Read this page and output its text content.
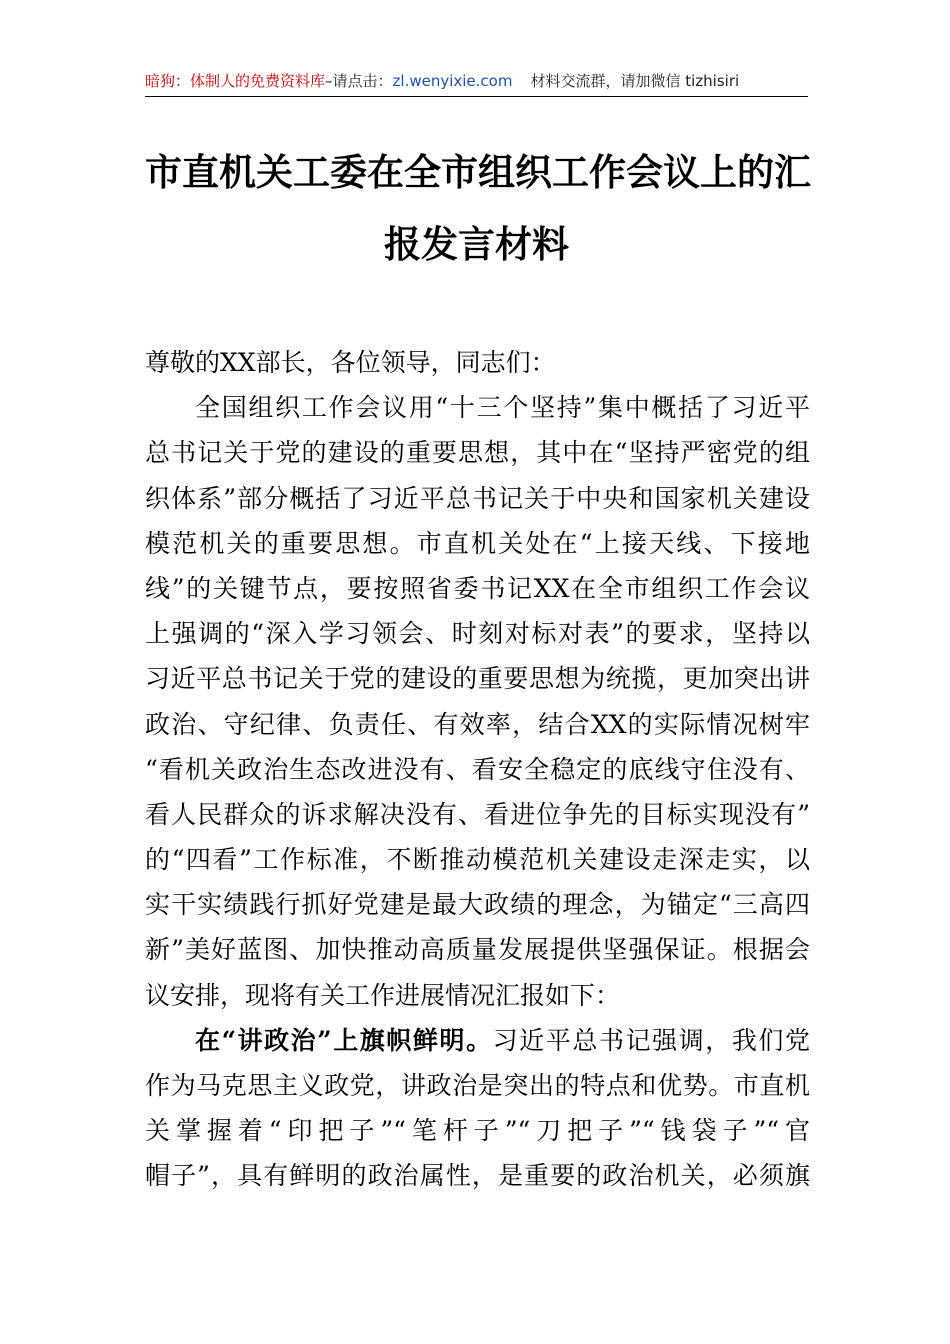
暗狗：体制人的免费资料库–请点击：zl.wenyixie.com 材料交流群，请加微信 tizhisiri
市直机关工委在全市组织工作会议上的汇
报发言材料
尊敬的XX部长，各位领导，同志们：
全国组织工作会议用“十三个坚持”集中概括了习近平
总书记关于党的建设的重要思想，其中在“坚持严密党的组
织体系”部分概括了习近平总书记关于中央和国家机关建设
模范机关的重要思想。市直机关处在“上接天线、下接地
线”的关键节点，要按照省委书记XX在全市组织工作会议
上强调的“深入学习领会、时刻对标对表”的要求，坚持以
习近平总书记关于党的建设的重要思想为统揽，更加突出讲
政治、守纪律、负责任、有效率，结合XX的实际情况树牢
“看机关政治生态改进没有、看安全稳定的底线守住没有、
看人民群众的诉求解决没有、看进位争先的目标实现没有”
的“四看”工作标准，不断推动模范机关建设走深走实，以
实干实绩践行抓好党建是最大政绩的理念，为锚定“三高四
新”美好蓝图、加快推动高质量发展提供坚强保证。根据会
议安排，现将有关工作进展情况汇报如下：
在“讲政治”上旗帜鲜明。习近平总书记强调，我们党
作为马克思主义政党，讲政治是突出的特点和优势。市直机
关掌握着“印把子”“笔杆子”“刀把子”“钱袋子”“官
帽子”，具有鲜明的政治属性，是重要的政治机关，必须旗
